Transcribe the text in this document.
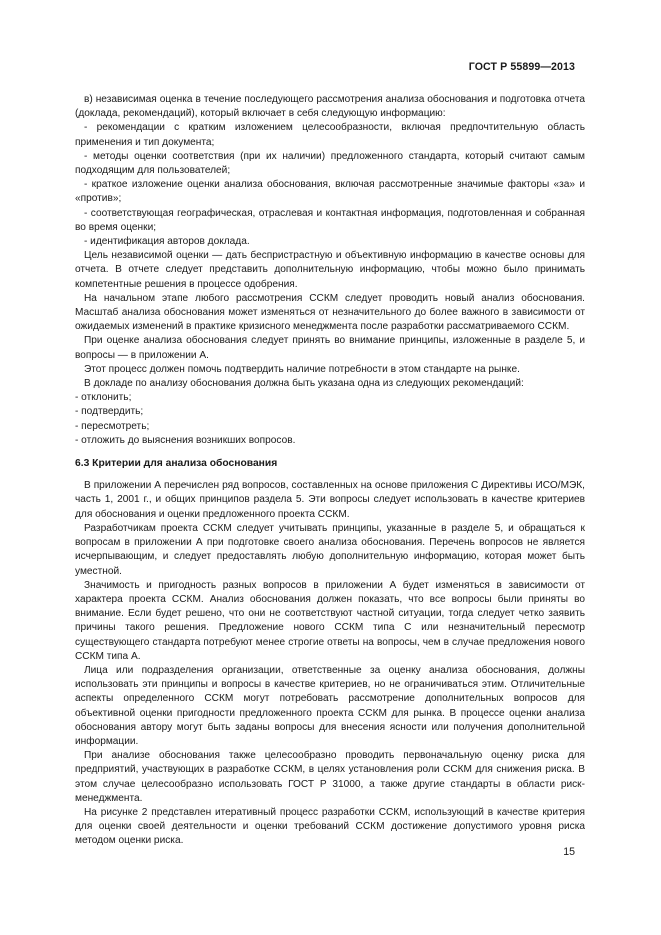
ГОСТ Р 55899—2013

в) независимая оценка в течение последующего рассмотрения анализа обоснования и подготовка отчета (доклада, рекомендаций), который включает в себя следующую информацию:

- рекомендации с кратким изложением целесообразности, включая предпочтительную область применения и тип документа;

- методы оценки соответствия (при их наличии) предложенного стандарта, который считают самым подходящим для пользователей;

- краткое изложение оценки анализа обоснования, включая рассмотренные значимые факторы «за» и «против»;

- соответствующая географическая, отраслевая и контактная информация, подготовленная и собранная во время оценки;

- идентификация авторов доклада.

Цель независимой оценки — дать беспристрастную и объективную информацию в качестве основы для отчета. В отчете следует представить дополнительную информацию, чтобы можно было принимать компетентные решения в процессе одобрения.

На начальном этапе любого рассмотрения ССКМ следует проводить новый анализ обоснования. Масштаб анализа обоснования может изменяться от незначительного до более важного в зависимости от ожидаемых изменений в практике кризисного менеджмента после разработки рассматриваемого ССКМ.

При оценке анализа обоснования следует принять во внимание принципы, изложенные в разделе 5, и вопросы — в приложении А.

Этот процесс должен помочь подтвердить наличие потребности в этом стандарте на рынке.

В докладе по анализу обоснования должна быть указана одна из следующих рекомендаций:

- отклонить;

- подтвердить;

- пересмотреть;

- отложить до выяснения возникших вопросов.

6.3 Критерии для анализа обоснования

В приложении А перечислен ряд вопросов, составленных на основе приложения С Директивы ИСО/МЭК, часть 1, 2001 г., и общих принципов раздела 5. Эти вопросы следует использовать в качестве критериев для обоснования и оценки предложенного проекта ССКМ.

Разработчикам проекта ССКМ следует учитывать принципы, указанные в разделе 5, и обращаться к вопросам в приложении А при подготовке своего анализа обоснования. Перечень вопросов не является исчерпывающим, и следует предоставлять любую дополнительную информацию, которая может быть уместной.

Значимость и пригодность разных вопросов в приложении А будет изменяться в зависимости от характера проекта ССКМ. Анализ обоснования должен показать, что все вопросы были приняты во внимание. Если будет решено, что они не соответствуют частной ситуации, тогда следует четко заявить причины такого решения. Предложение нового ССКМ типа С или незначительный пересмотр существующего стандарта потребуют менее строгие ответы на вопросы, чем в случае предложения нового ССКМ типа А.

Лица или подразделения организации, ответственные за оценку анализа обоснования, должны использовать эти принципы и вопросы в качестве критериев, но не ограничиваться этим. Отличительные аспекты определенного ССКМ могут потребовать рассмотрение дополнительных вопросов для объективной оценки пригодности предложенного проекта ССКМ для рынка. В процессе оценки анализа обоснования автору могут быть заданы вопросы для внесения ясности или получения дополнительной информации.

При анализе обоснования также целесообразно проводить первоначальную оценку риска для предприятий, участвующих в разработке ССКМ, в целях установления роли ССКМ для снижения риска. В этом случае целесообразно использовать ГОСТ Р 31000, а также другие стандарты в области риск-менеджмента.

На рисунке 2 представлен итеративный процесс разработки ССКМ, использующий в качестве критерия для оценки своей деятельности и оценки требований ССКМ достижение допустимого уровня риска методом оценки риска.

15
